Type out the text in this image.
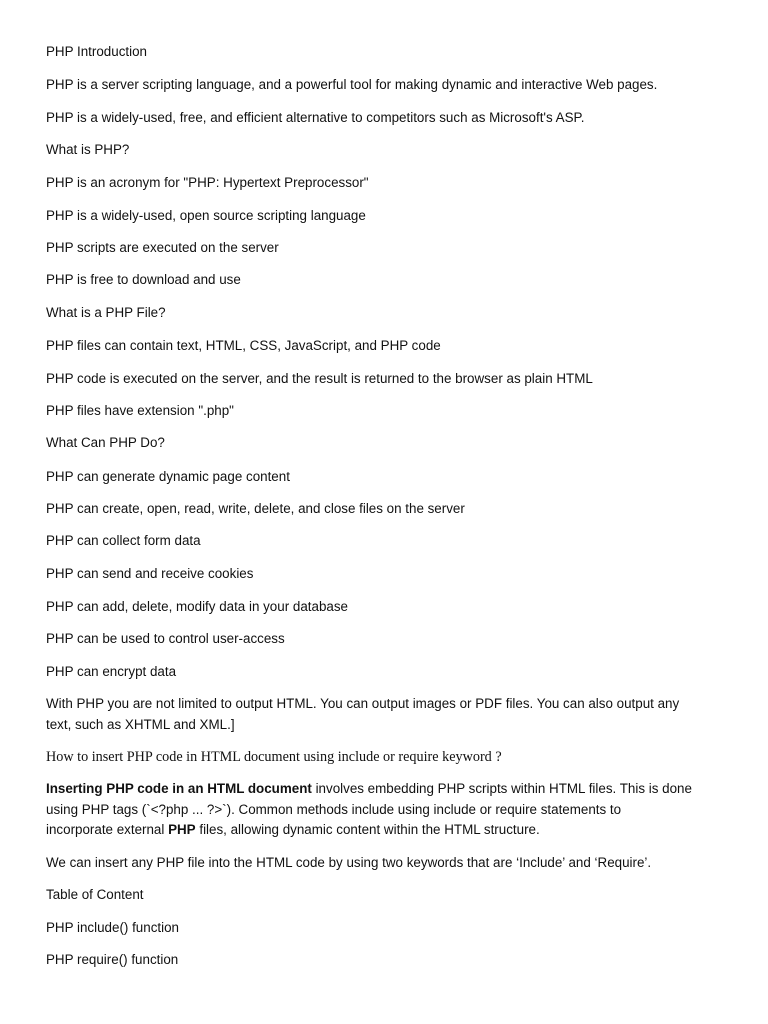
PHP Introduction
PHP is a server scripting language, and a powerful tool for making dynamic and interactive Web pages.
PHP is a widely-used, free, and efficient alternative to competitors such as Microsoft's ASP.
What is PHP?
PHP is an acronym for "PHP: Hypertext Preprocessor"
PHP is a widely-used, open source scripting language
PHP scripts are executed on the server
PHP is free to download and use
What is a PHP File?
PHP files can contain text, HTML, CSS, JavaScript, and PHP code
PHP code is executed on the server, and the result is returned to the browser as plain HTML
PHP files have extension ".php"
What Can PHP Do?
PHP can generate dynamic page content
PHP can create, open, read, write, delete, and close files on the server
PHP can collect form data
PHP can send and receive cookies
PHP can add, delete, modify data in your database
PHP can be used to control user-access
PHP can encrypt data
With PHP you are not limited to output HTML. You can output images or PDF files. You can also output any
text, such as XHTML and XML.]
How to insert PHP code in HTML document using include or require keyword ?
Inserting PHP code in an HTML document involves embedding PHP scripts within HTML files. This is done
using PHP tags (`<?php ... ?>`). Common methods include using include or require statements to
incorporate external PHP files, allowing dynamic content within the HTML structure.
We can insert any PHP file into the HTML code by using two keywords that are ‘Include’ and ‘Require’.
Table of Content
PHP include() function
PHP require() function
